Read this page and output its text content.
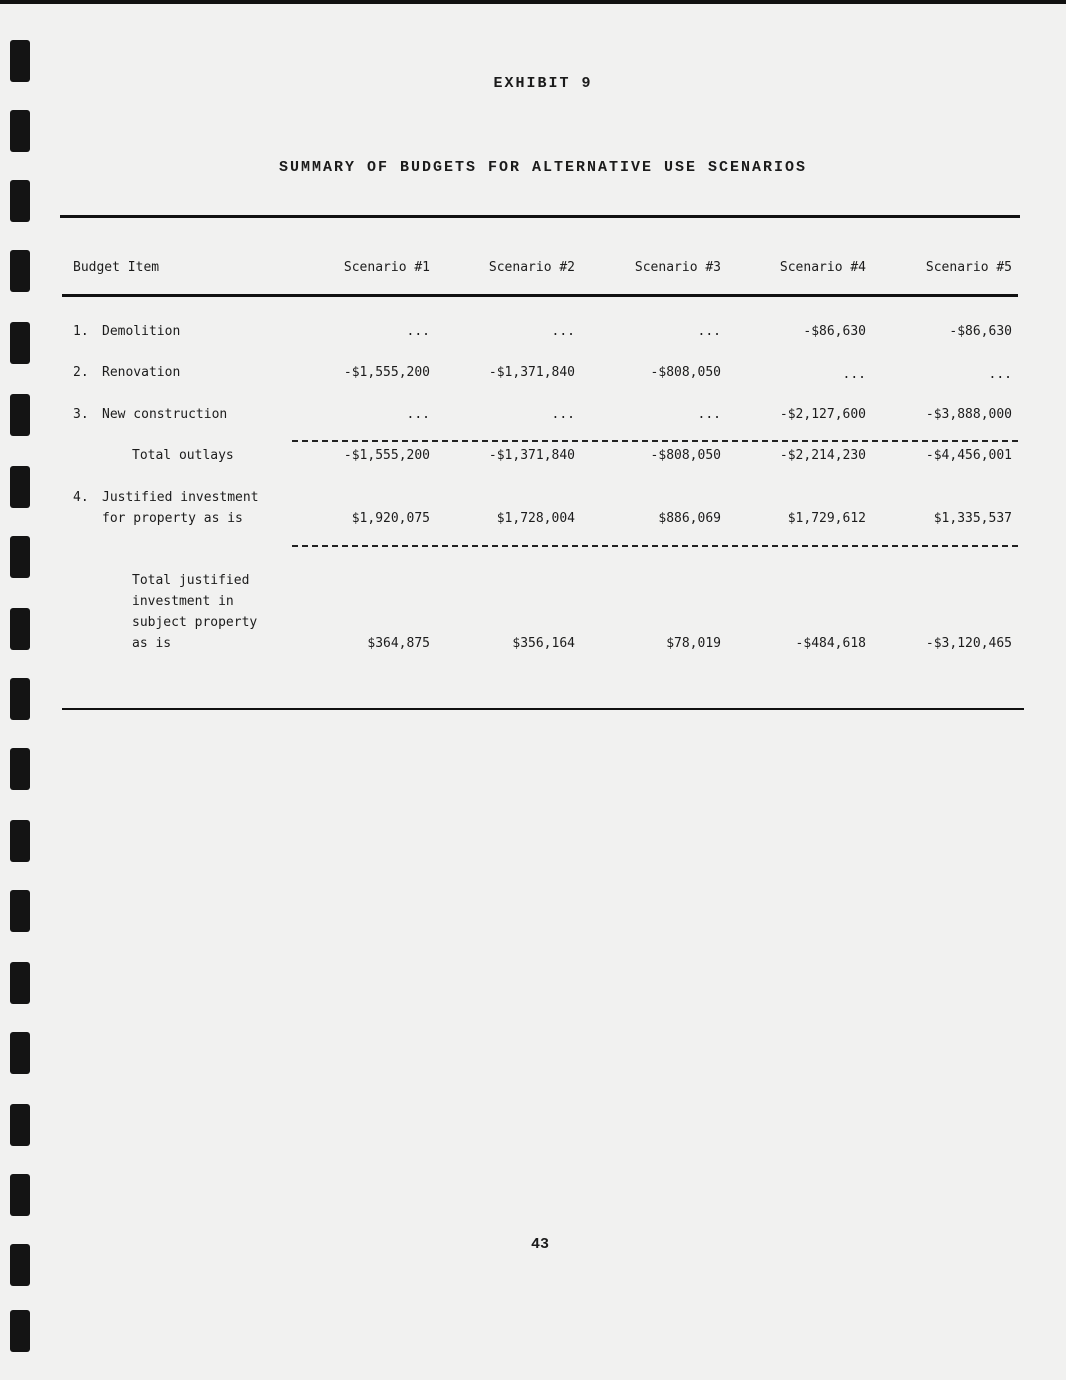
EXHIBIT 9
SUMMARY OF BUDGETS FOR ALTERNATIVE USE SCENARIOS
Budget Item	Scenario #1	Scenario #2	Scenario #3	Scenario #4	Scenario #5
1. Demolition	...	...	...	-$86,630	-$86,630
2. Renovation	-$1,555,200	-$1,371,840	-$808,050	...	...
3. New construction	...	...	...	-$2,127,600	-$3,888,000
Total outlays	-$1,555,200	-$1,371,840	-$808,050	-$2,214,230	-$4,456,001
4. Justified investment
for property as is	$1,920,075	$1,728,004	$886,069	$1,729,612	$1,335,537
Total justified
investment in
subject property
as is	$364,875	$356,164	$78,019	-$484,618	-$3,120,465
43
